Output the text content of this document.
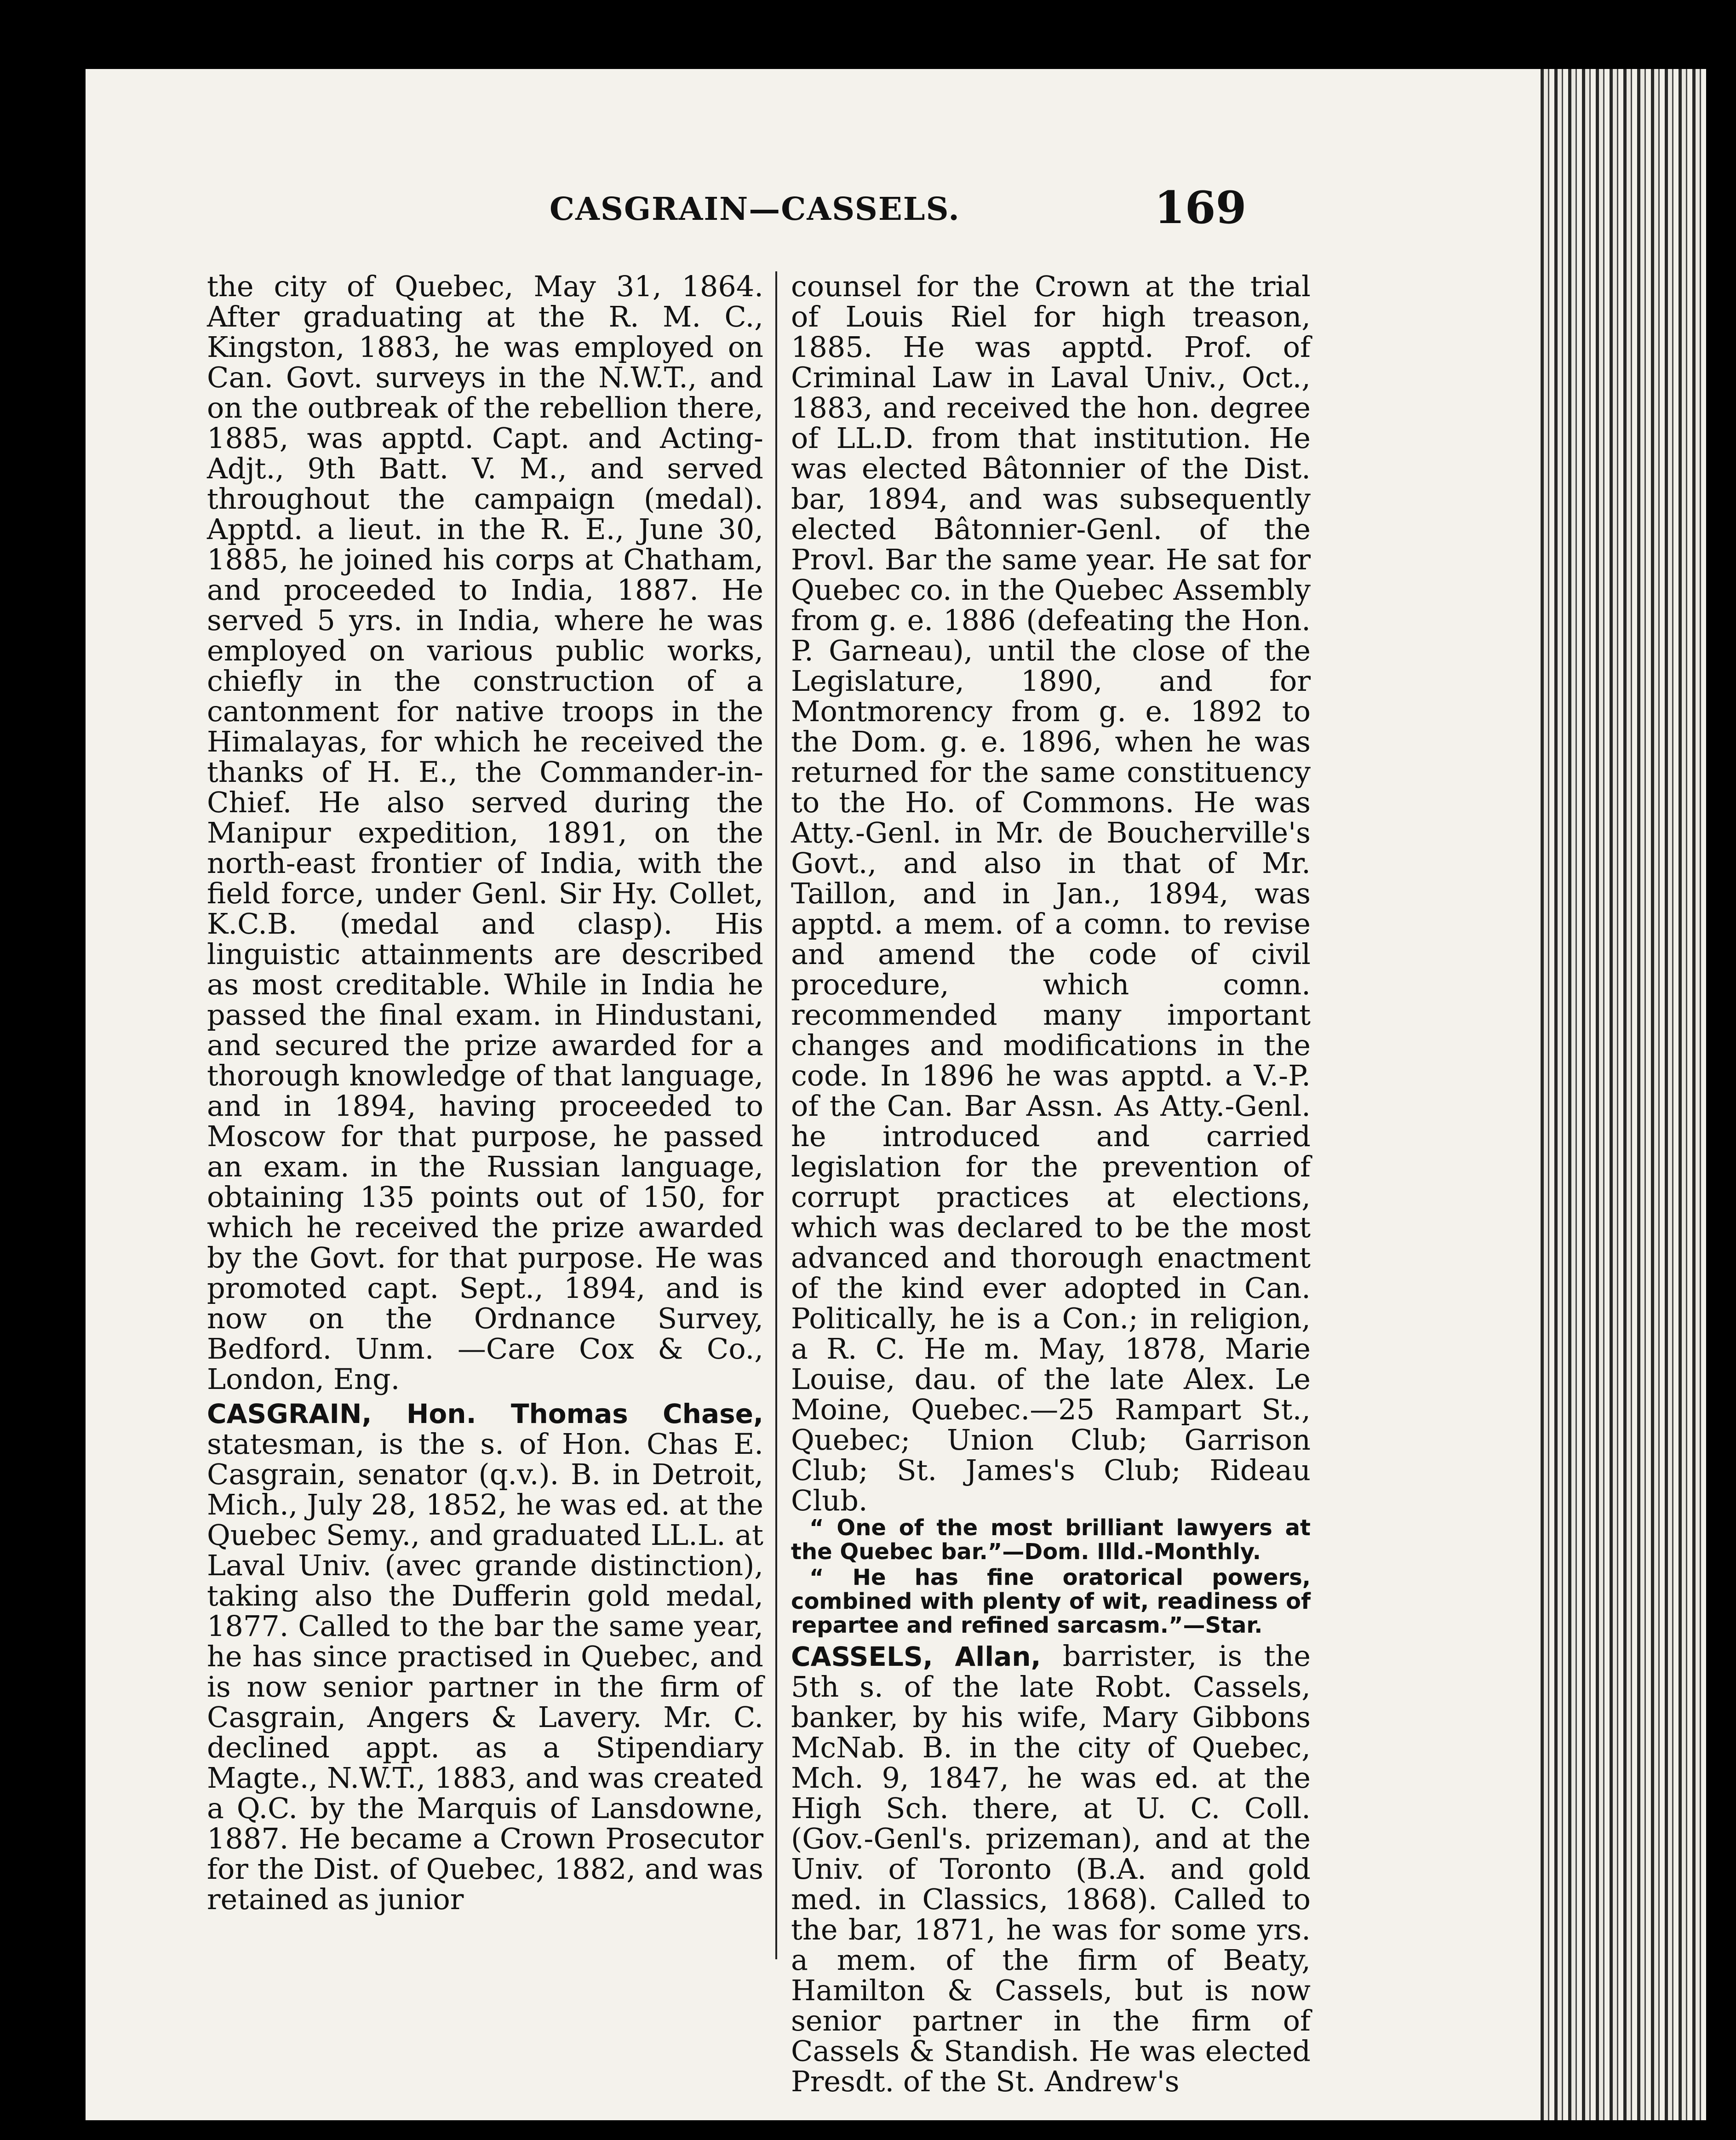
CASGRAIN—CASSELS.	169

the city of Quebec, May 31, 1864. After graduating at the R. M. C., Kingston, 1883, he was employed on Can. Govt. surveys in the N.W.T., and on the outbreak of the rebellion there, 1885, was apptd. Capt. and Acting-Adjt., 9th Batt. V. M., and served throughout the campaign (medal). Apptd. a lieut. in the R. E., June 30, 1885, he joined his corps at Chatham, and proceeded to India, 1887. He served 5 yrs. in India, where he was employed on various public works, chiefly in the construction of a cantonment for native troops in the Himalayas, for which he received the thanks of H. E., the Commander-in-Chief. He also served during the Manipur expedition, 1891, on the north-east frontier of India, with the field force, under Genl. Sir Hy. Collet, K.C.B. (medal and clasp). His linguistic attainments are described as most creditable. While in India he passed the final exam. in Hindustani, and secured the prize awarded for a thorough knowledge of that language, and in 1894, having proceeded to Moscow for that purpose, he passed an exam. in the Russian language, obtaining 135 points out of 150, for which he received the prize awarded by the Govt. for that purpose. He was promoted capt. Sept., 1894, and is now on the Ordnance Survey, Bedford. Unm. —Care Cox & Co., London, Eng.

CASGRAIN, Hon. Thomas Chase, statesman, is the s. of Hon. Chas E. Casgrain, senator (q.v.). B. in Detroit, Mich., July 28, 1852, he was ed. at the Quebec Semy., and graduated LL.L. at Laval Univ. (avec grande distinction), taking also the Dufferin gold medal, 1877. Called to the bar the same year, he has since practised in Quebec, and is now senior partner in the firm of Casgrain, Angers & Lavery. Mr. C. declined appt. as a Stipendiary Magte., N.W.T., 1883, and was created a Q.C. by the Marquis of Lansdowne, 1887. He became a Crown Prosecutor for the Dist. of Quebec, 1882, and was retained as junior

counsel for the Crown at the trial of Louis Riel for high treason, 1885. He was apptd. Prof. of Criminal Law in Laval Univ., Oct., 1883, and received the hon. degree of LL.D. from that institution. He was elected Bâtonnier of the Dist. bar, 1894, and was subsequently elected Bâtonnier-Genl. of the Provl. Bar the same year. He sat for Quebec co. in the Quebec Assembly from g. e. 1886 (defeating the Hon. P. Garneau), until the close of the Legislature, 1890, and for Montmorency from g. e. 1892 to the Dom. g. e. 1896, when he was returned for the same constituency to the Ho. of Commons. He was Atty.-Genl. in Mr. de Boucherville's Govt., and also in that of Mr. Taillon, and in Jan., 1894, was apptd. a mem. of a comn. to revise and amend the code of civil procedure, which comn. recommended many important changes and modifications in the code. In 1896 he was apptd. a V.-P. of the Can. Bar Assn. As Atty.-Genl. he introduced and carried legislation for the prevention of corrupt practices at elections, which was declared to be the most advanced and thorough enactment of the kind ever adopted in Can. Politically, he is a Con.; in religion, a R. C. He m. May, 1878, Marie Louise, dau. of the late Alex. Le Moine, Quebec.—25 Rampart St., Quebec; Union Club; Garrison Club; St. James's Club; Rideau Club.

“ One of the most brilliant lawyers at the Quebec bar.”—Dom. Illd.-Monthly.

“ He has fine oratorical powers, combined with plenty of wit, readiness of repartee and refined sarcasm.”—Star.

CASSELS, Allan, barrister, is the 5th s. of the late Robt. Cassels, banker, by his wife, Mary Gibbons McNab. B. in the city of Quebec, Mch. 9, 1847, he was ed. at the High Sch. there, at U. C. Coll. (Gov.-Genl's. prizeman), and at the Univ. of Toronto (B.A. and gold med. in Classics, 1868). Called to the bar, 1871, he was for some yrs. a mem. of the firm of Beaty, Hamilton & Cassels, but is now senior partner in the firm of Cassels & Standish. He was elected Presdt. of the St. Andrew's
